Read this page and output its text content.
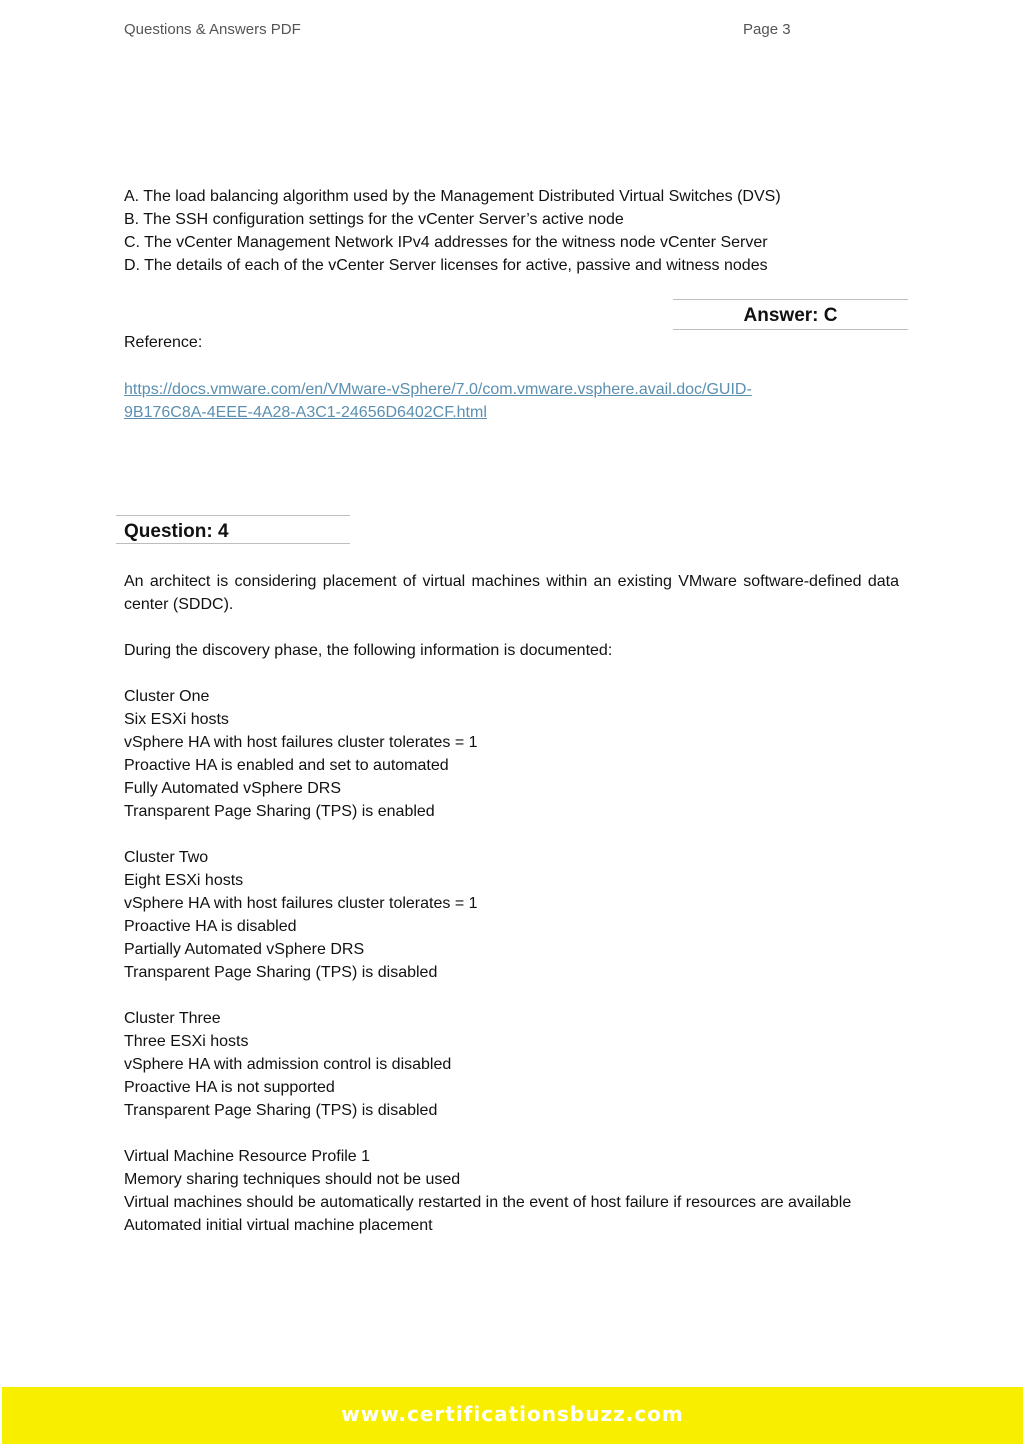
Questions & Answers PDF	Page 3
A. The load balancing algorithm used by the Management Distributed Virtual Switches (DVS)
B. The SSH configuration settings for the vCenter Server’s active node
C. The vCenter Management Network IPv4 addresses for the witness node vCenter Server
D. The details of each of the vCenter Server licenses for active, passive and witness nodes
Answer: C
Reference:
https://docs.vmware.com/en/VMware-vSphere/7.0/com.vmware.vsphere.avail.doc/GUID-
9B176C8A-4EEE-4A28-A3C1-24656D6402CF.html
Question: 4

An architect is considering placement of virtual machines within an existing VMware software-defined data center (SDDC).

During the discovery phase, the following information is documented:
Cluster One
Six ESXi hosts
vSphere HA with host failures cluster tolerates = 1
Proactive HA is enabled and set to automated
Fully Automated vSphere DRS
Transparent Page Sharing (TPS) is enabled
Cluster Two
Eight ESXi hosts
vSphere HA with host failures cluster tolerates = 1
Proactive HA is disabled
Partially Automated vSphere DRS
Transparent Page Sharing (TPS) is disabled
Cluster Three
Three ESXi hosts
vSphere HA with admission control is disabled
Proactive HA is not supported
Transparent Page Sharing (TPS) is disabled
Virtual Machine Resource Profile 1
Memory sharing techniques should not be used

Virtual machines should be automatically restarted in the event of host failure if resources are available

Automated initial virtual machine placement
www.certificationsbuzz.com
